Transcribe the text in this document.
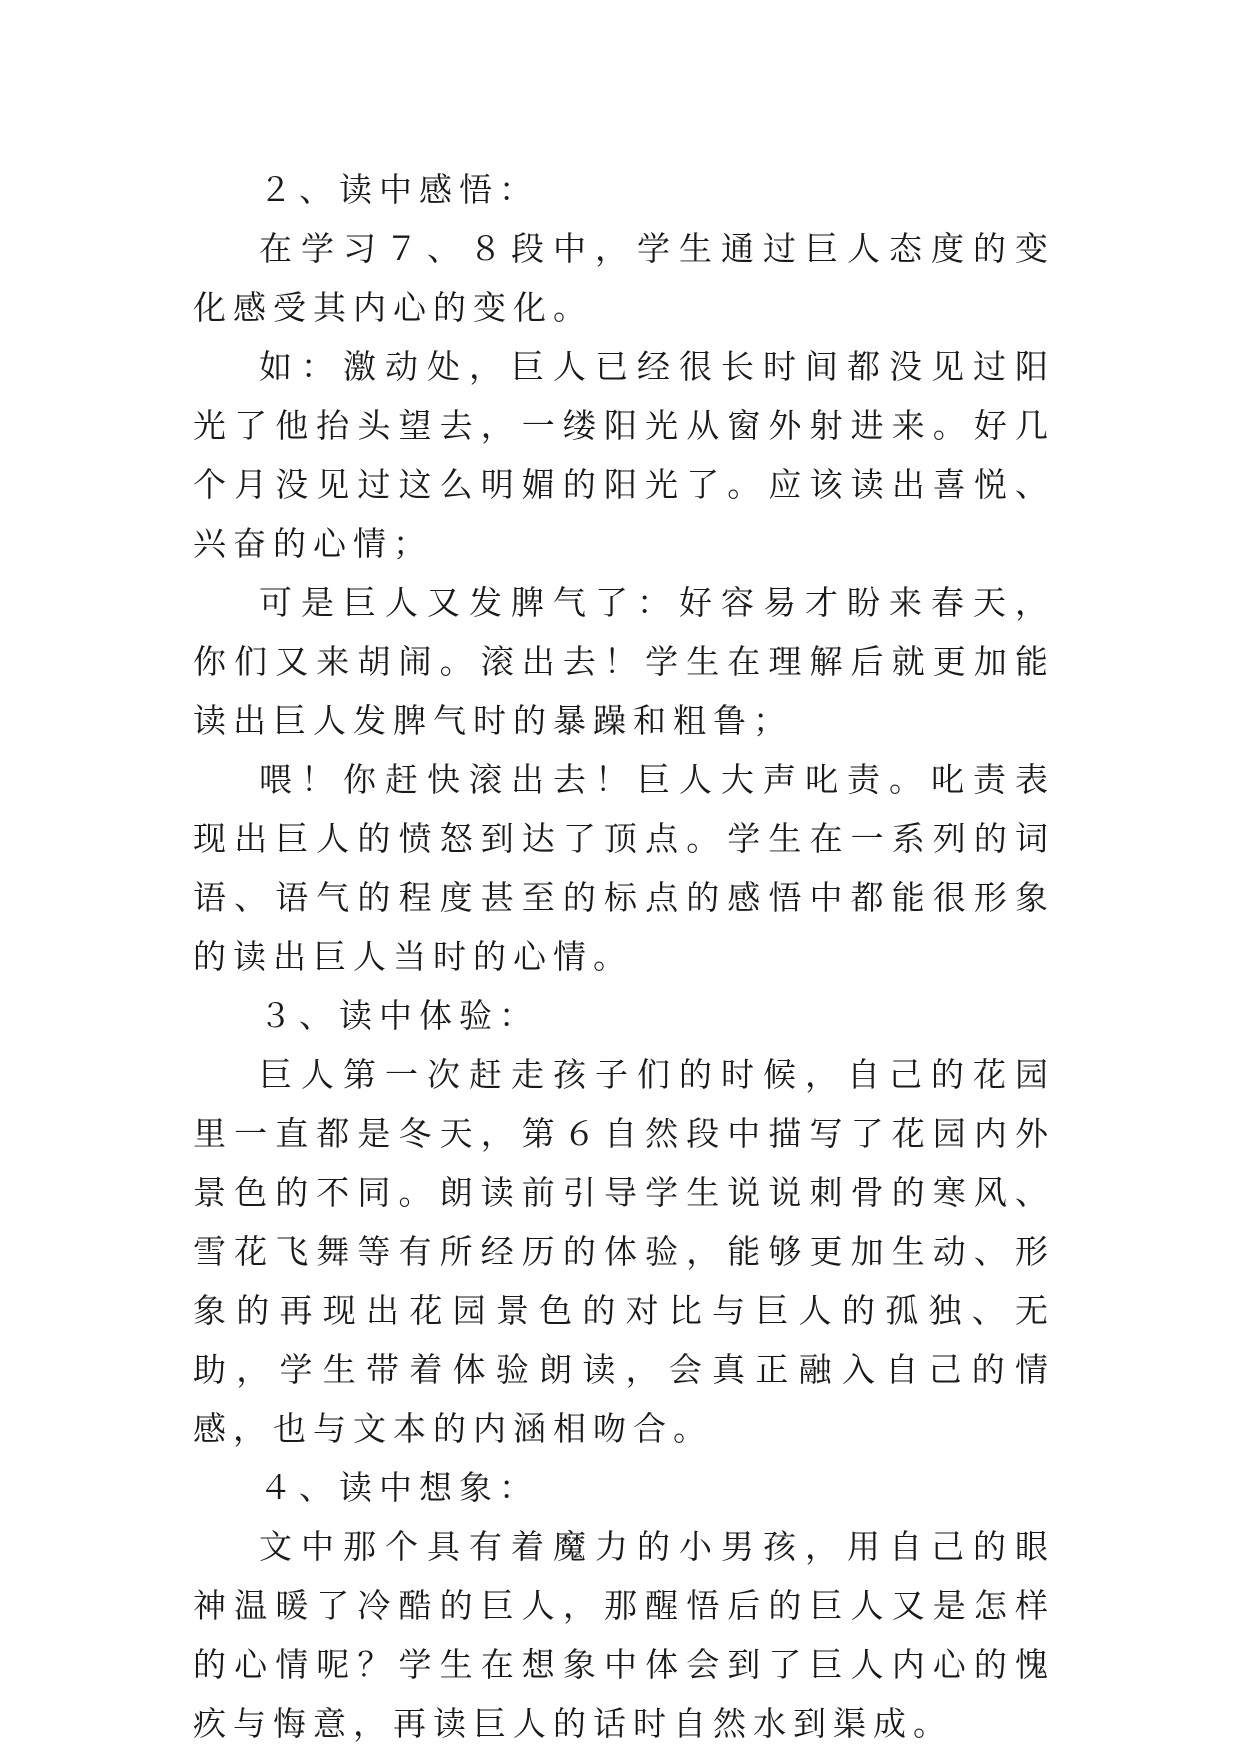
２、读中感悟：

在学习７、８段中，学生通过巨人态度的变化感受其内心的变化。

如：激动处，巨人已经很长时间都没见过阳光了他抬头望去，一缕阳光从窗外射进来。好几个月没见过这么明媚的阳光了。应该读出喜悦、兴奋的心情；

可是巨人又发脾气了：好容易才盼来春天，你们又来胡闹。滚出去！学生在理解后就更加能读出巨人发脾气时的暴躁和粗鲁；

喂！你赶快滚出去！巨人大声叱责。叱责表现出巨人的愤怒到达了顶点。学生在一系列的词语、语气的程度甚至的标点的感悟中都能很形象的读出巨人当时的心情。

３、读中体验：

巨人第一次赶走孩子们的时候，自己的花园里一直都是冬天，第６自然段中描写了花园内外景色的不同。朗读前引导学生说说刺骨的寒风、雪花飞舞等有所经历的体验，能够更加生动、形象的再现出花园景色的对比与巨人的孤独、无助，学生带着体验朗读，会真正融入自己的情感，也与文本的内涵相吻合。

４、读中想象：

文中那个具有着魔力的小男孩，用自己的眼神温暖了冷酷的巨人，那醒悟后的巨人又是怎样的心情呢？学生在想象中体会到了巨人内心的愧疚与悔意，再读巨人的话时自然水到渠成。
